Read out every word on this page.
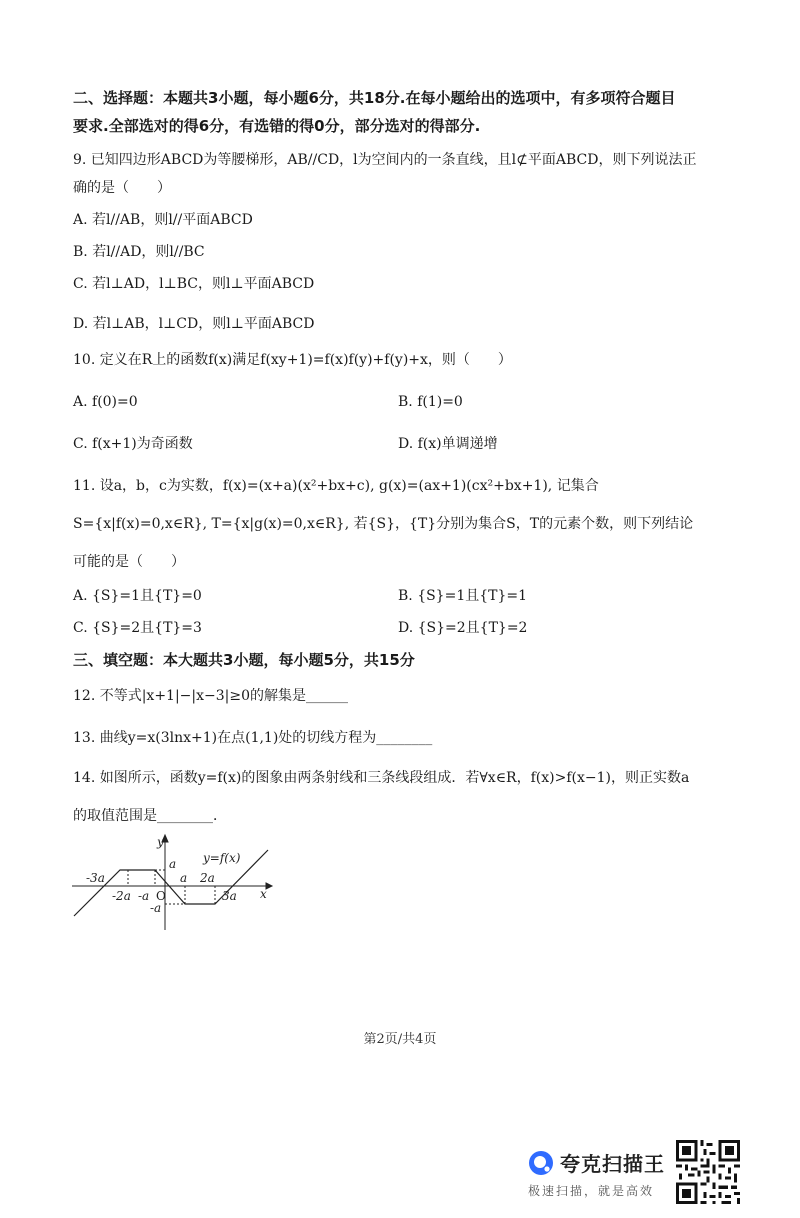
二、选择题：本题共3小题，每小题6分，共18分.在每小题给出的选项中，有多项符合题目
要求.全部选对的得6分，有选错的得0分，部分选对的得部分.
9. 已知四边形ABCD为等腰梯形，AB//CD，l为空间内的一条直线，且l⊄平面ABCD，则下列说法正
确的是（　　）
A. 若l//AB，则l//平面ABCD
B. 若l//AD，则l//BC
C. 若l⊥AD，l⊥BC，则l⊥平面ABCD
D. 若l⊥AB，l⊥CD，则l⊥平面ABCD
10. 定义在R上的函数f(x)满足f(xy+1)=f(x)f(y)+f(y)+x，则（　　）
A. f(0)=0	B. f(1)=0
C. f(x+1)为奇函数	D. f(x)单调递增
11. 设a，b，c为实数，f(x)=(x+a)(x²+bx+c), g(x)=(ax+1)(cx²+bx+1), 记集合
S={x|f(x)=0,x∈R}, T={x|g(x)=0,x∈R}, 若{S}，{T}分别为集合S，T的元素个数，则下列结论
可能的是（　　）
A. {S}=1且{T}=0	B. {S}=1且{T}=1
C. {S}=2且{T}=3	D. {S}=2且{T}=2
三、填空题：本大题共3小题，每小题5分，共15分
12. 不等式|x+1|−|x−3|≥0的解集是______
13. 曲线y=x(3lnx+1)在点(1,1)处的切线方程为________
14. 如图所示，函数y=f(x)的图象由两条射线和三条线段组成．若∀x∈R，f(x)>f(x−1)，则正实数a
的取值范围是________．
y
x
y=f(x)
O
-3a	a 2a
-2a -a	3a
a
-a
第2页/共4页
夸克扫描王
极速扫描，就是高效
